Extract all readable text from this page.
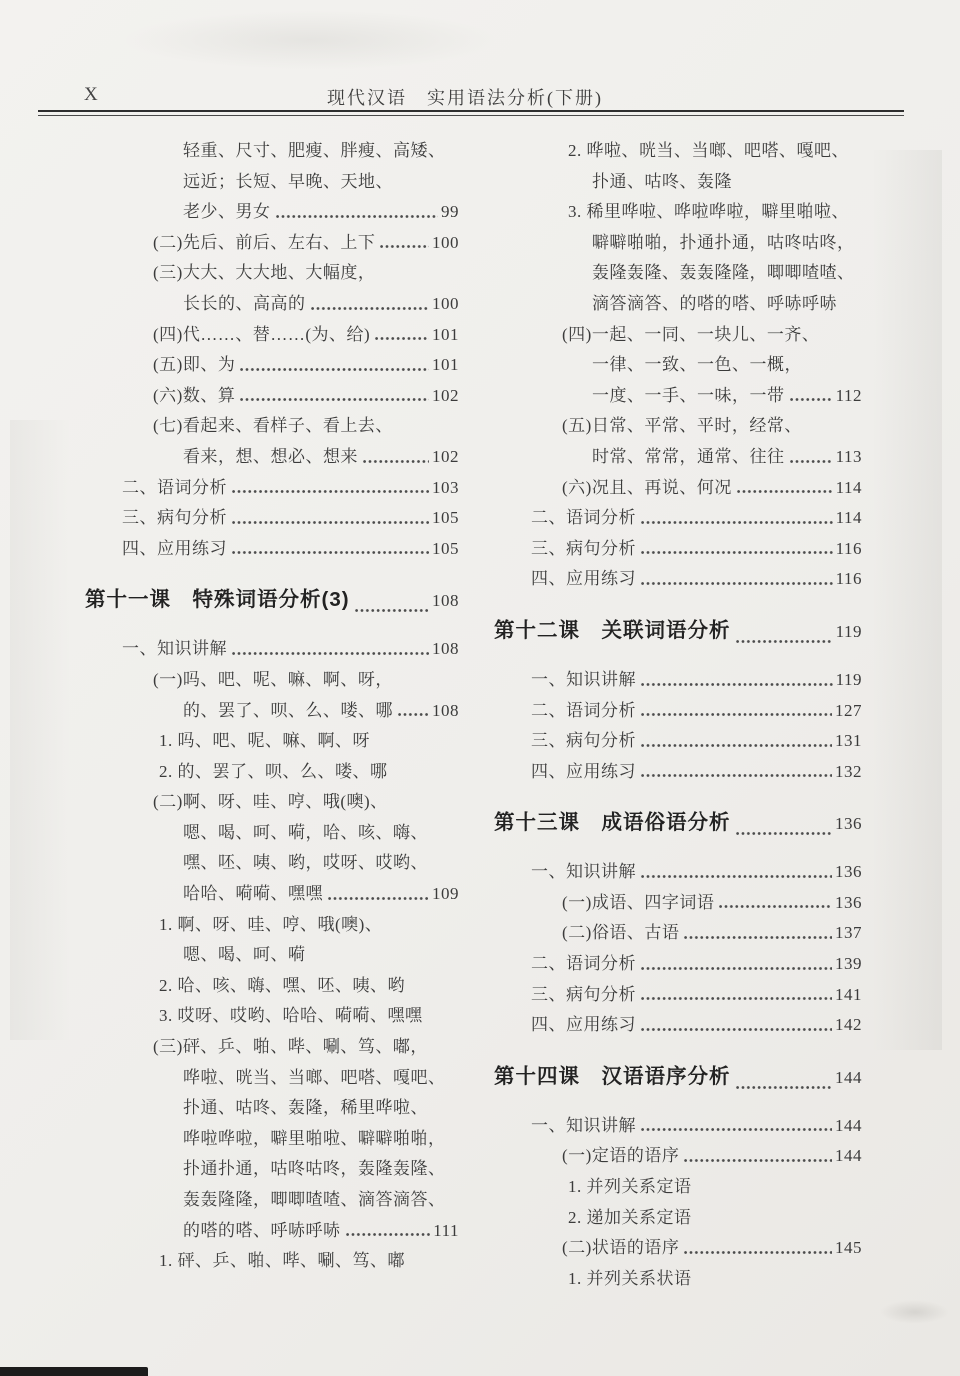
X	现代汉语　实用语法分析(下册)
轻重、尺寸、肥瘦、胖瘦、高矮、
远近；长短、早晚、天地、
老少、男女	99
(二)先后、前后、左右、上下	100
(三)大大、大大地、大幅度，
长长的、高高的	100
(四)代……、替……(为、给)	101
(五)即、为	101
(六)数、算	102
(七)看起来、看样子、看上去、
看来，想、想必、想来	102
二、语词分析	103
三、病句分析	105
四、应用练习	105
第十一课　特殊词语分析(3)	108
一、知识讲解	108
(一)吗、吧、呢、嘛、啊、呀，
的、罢了、呗、么、喽、哪 108
1. 吗、吧、呢、嘛、啊、呀
2. 的、罢了、呗、么、喽、哪
(二)啊、呀、哇、哼、哦(噢)、
嗯、喝、呵、嗬，哈、咳、嗨、
嘿、呸、咦、哟，哎呀、哎哟、
哈哈、嗬嗬、嘿嘿	109
1. 啊、呀、哇、哼、哦(噢)、
嗯、喝、呵、嗬
2. 哈、咳、嗨、嘿、呸、咦、哟
3. 哎呀、哎哟、哈哈、嗬嗬、嘿嘿
(三)砰、乒、啪、哔、唰、笃、嘟，
哗啦、咣当、当啷、吧嗒、嘎吧、
扑通、咕咚、轰隆，稀里哗啦、
哗啦哗啦，噼里啪啦、噼噼啪啪，
扑通扑通，咕咚咕咚，轰隆轰隆、
轰轰隆隆，唧唧喳喳、滴答滴答、
的嗒的嗒、呼哧呼哧	111
1. 砰、乒、啪、哔、唰、笃、嘟
2. 哗啦、咣当、当啷、吧嗒、嘎吧、
扑通、咕咚、轰隆
3. 稀里哗啦、哗啦哗啦，噼里啪啦、
噼噼啪啪，扑通扑通，咕咚咕咚，
轰隆轰隆、轰轰隆隆，唧唧喳喳、
滴答滴答、的嗒的嗒、呼哧呼哧
(四)一起、一同、一块儿、一齐、
一律、一致、一色、一概，
一度、一手、一味，一带	112
(五)日常、平常、平时，经常、
时常、常常，通常、往往	113
(六)况且、再说、何况	114
二、语词分析	114
三、病句分析	116
四、应用练习	116
第十二课　关联词语分析	119
一、知识讲解	119
二、语词分析	127
三、病句分析	131
四、应用练习	132
第十三课　成语俗语分析	136
一、知识讲解	136
(一)成语、四字词语	136
(二)俗语、古语	137
二、语词分析	139
三、病句分析	141
四、应用练习	142
第十四课　汉语语序分析	144
一、知识讲解	144
(一)定语的语序	144
1. 并列关系定语
2. 递加关系定语
(二)状语的语序	145
1. 并列关系状语
